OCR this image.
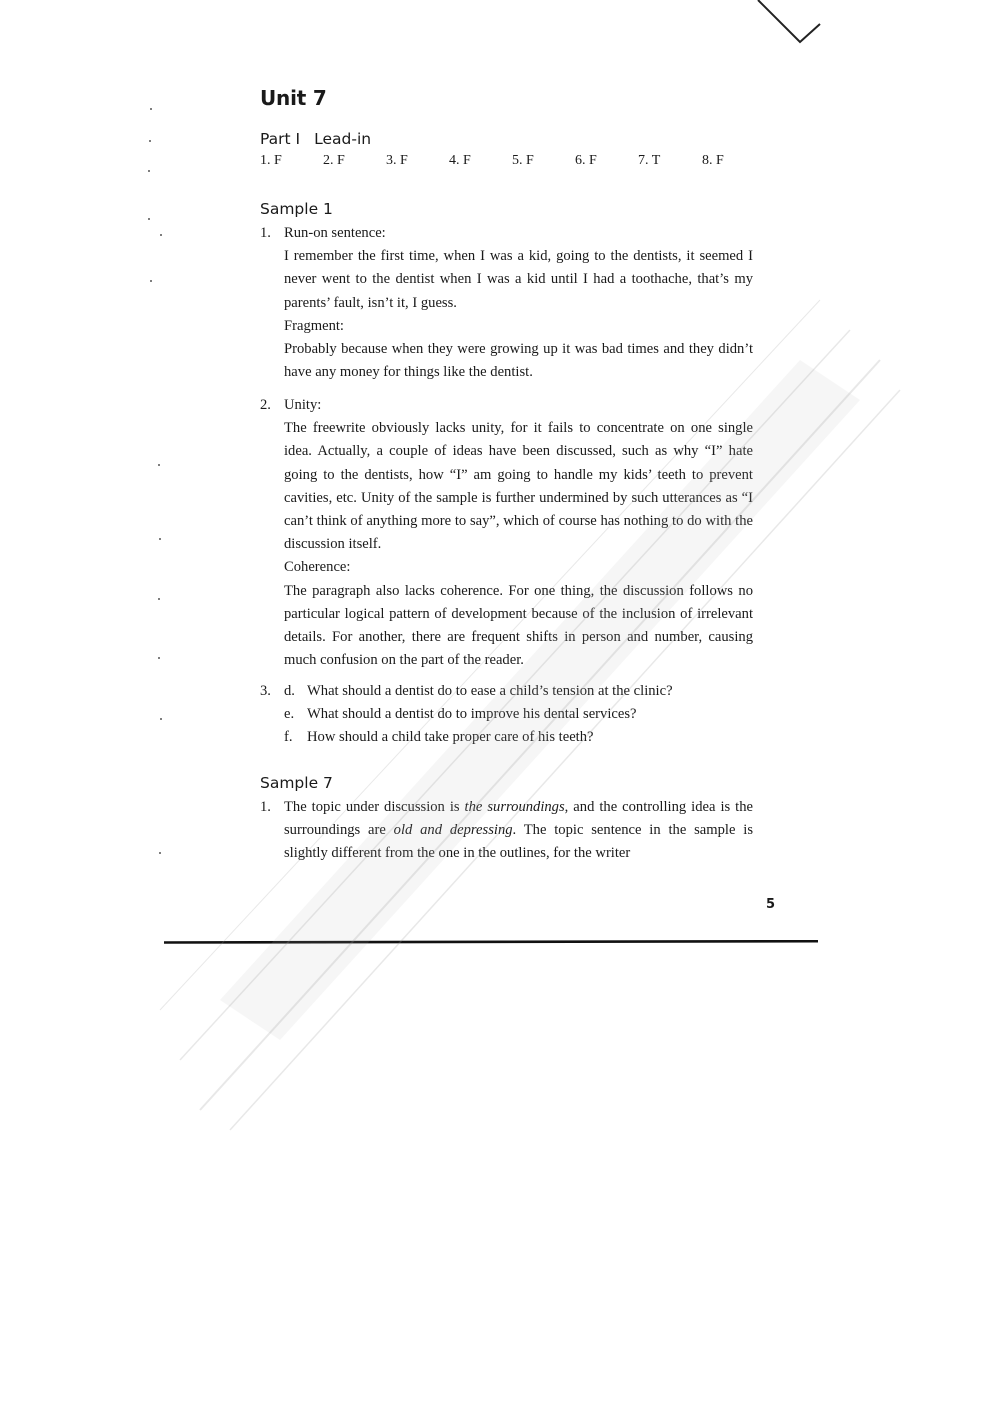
Unit 7
Part I Lead-in
1. F	2. F	3. F	4. F	5. F	6. F	7. T	8. F
Sample 1
1. Run-on sentence:

I remember the first time, when I was a kid, going to the dentists, it seemed I never went to the dentist when I was a kid until I had a toothache, that’s my parents’ fault, isn’t it, I guess.

Fragment:

Probably because when they were growing up it was bad times and they didn’t have any money for things like the dentist.

2. Unity:

The freewrite obviously lacks unity, for it fails to concentrate on one single idea. Actually, a couple of ideas have been discussed, such as why “I” hate going to the dentists, how “I” am going to handle my kids’ teeth to prevent cavities, etc. Unity of the sample is further undermined by such utterances as “I can’t think of anything more to say”, which of course has nothing to do with the discussion itself.

Coherence:

The paragraph also lacks coherence. For one thing, the discussion follows no particular logical pattern of development because of the inclusion of irrelevant details. For another, there are frequent shifts in person and number, causing much confusion on the part of the reader.

3. d. What should a dentist do to ease a child’s tension at the clinic?
e. What should a dentist do to improve his dental services?
f. How should a child take proper care of his teeth?
Sample 7
1. The topic under discussion is the surroundings, and the controlling idea is the surroundings are old and depressing. The topic sentence in the sample is slightly different from the one in the outlines, for the writer

5
